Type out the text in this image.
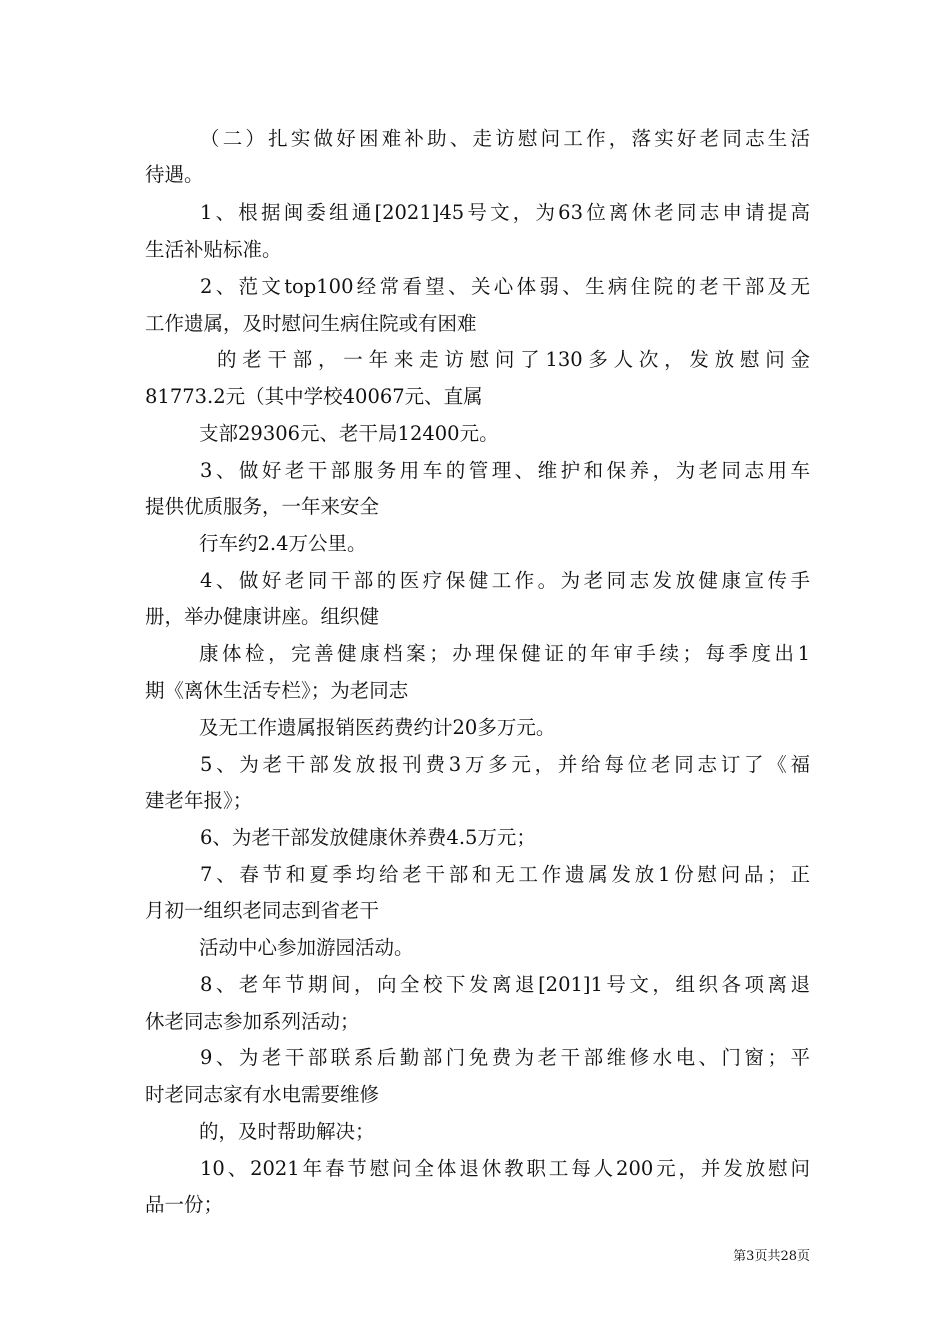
（二）扎实做好困难补助、走访慰问工作，落实好老同志生活
待遇。
1、根据闽委组通[2021]45号文，为63位离休老同志申请提高
生活补贴标准。
2、范文top100经常看望、关心体弱、生病住院的老干部及无
工作遗属，及时慰问生病住院或有困难
的老干部，一年来走访慰问了130多人次，发放慰问金
81773.2元（其中学校40067元、直属
支部29306元、老干局12400元。
3、做好老干部服务用车的管理、维护和保养，为老同志用车
提供优质服务，一年来安全
行车约2.4万公里。
4、做好老同干部的医疗保健工作。为老同志发放健康宣传手
册，举办健康讲座。组织健
康体检，完善健康档案；办理保健证的年审手续；每季度出1
期《离休生活专栏》；为老同志
及无工作遗属报销医药费约计20多万元。
5、为老干部发放报刊费3万多元，并给每位老同志订了《福
建老年报》；
6、为老干部发放健康休养费4.5万元；
7、春节和夏季均给老干部和无工作遗属发放1份慰问品；正
月初一组织老同志到省老干
活动中心参加游园活动。
8、老年节期间，向全校下发离退[201]1号文，组织各项离退
休老同志参加系列活动；
9、为老干部联系后勤部门免费为老干部维修水电、门窗；平
时老同志家有水电需要维修
的，及时帮助解决；
10、2021年春节慰问全体退休教职工每人200元，并发放慰问
品一份；
第3页共28页
